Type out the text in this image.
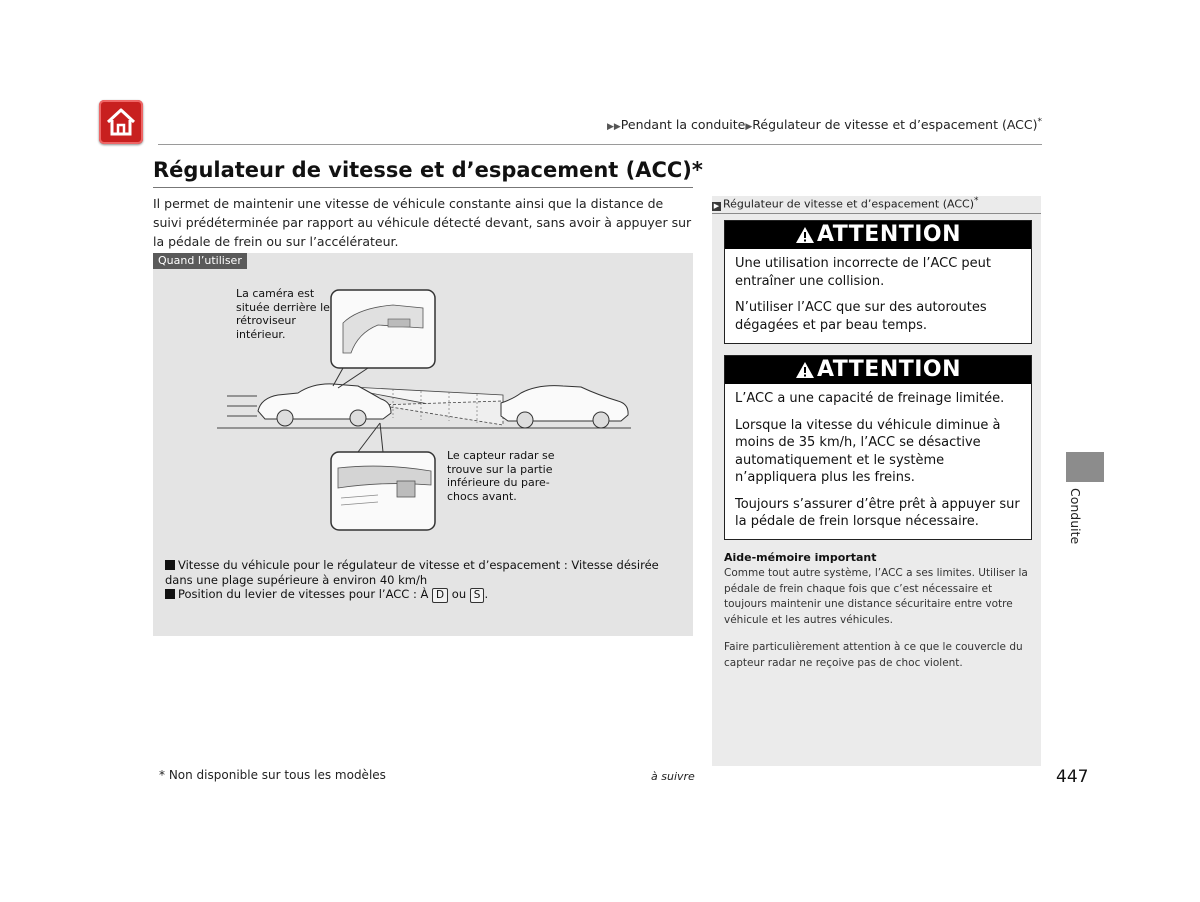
▶▶Pendant la conduite▶Régulateur de vitesse et d’espacement (ACC)*
Régulateur de vitesse et d’espacement (ACC)*
Il permet de maintenir une vitesse de véhicule constante ainsi que la distance de suivi prédéterminée par rapport au véhicule détecté devant, sans avoir à appuyer sur la pédale de frein ou sur l’accélérateur.
Quand l’utiliser
La caméra est située derrière le rétroviseur intérieur.
Le capteur radar se trouve sur la partie inférieure du pare-chocs avant.
Vitesse du véhicule pour le régulateur de vitesse et d’espacement : Vitesse désirée dans une plage supérieure à environ 40 km/h
Position du levier de vitesses pour l’ACC : À D ou S .
▶ Régulateur de vitesse et d’espacement (ACC)*
ATTENTION

Une utilisation incorrecte de l’ACC peut entraîner une collision.

N’utiliser l’ACC que sur des autoroutes dégagées et par beau temps.

ATTENTION

L’ACC a une capacité de freinage limitée.

Lorsque la vitesse du véhicule diminue à moins de 35 km/h, l’ACC se désactive automatiquement et le système n’appliquera plus les freins.

Toujours s’assurer d’être prêt à appuyer sur la pédale de frein lorsque nécessaire.

Aide-mémoire important
Comme tout autre système, l’ACC a ses limites. Utiliser la pédale de frein chaque fois que c’est nécessaire et toujours maintenir une distance sécuritaire entre votre véhicule et les autres véhicules.
Faire particulièrement attention à ce que le couvercle du capteur radar ne reçoive pas de choc violent.
Conduite
* Non disponible sur tous les modèles	à suivre	447
